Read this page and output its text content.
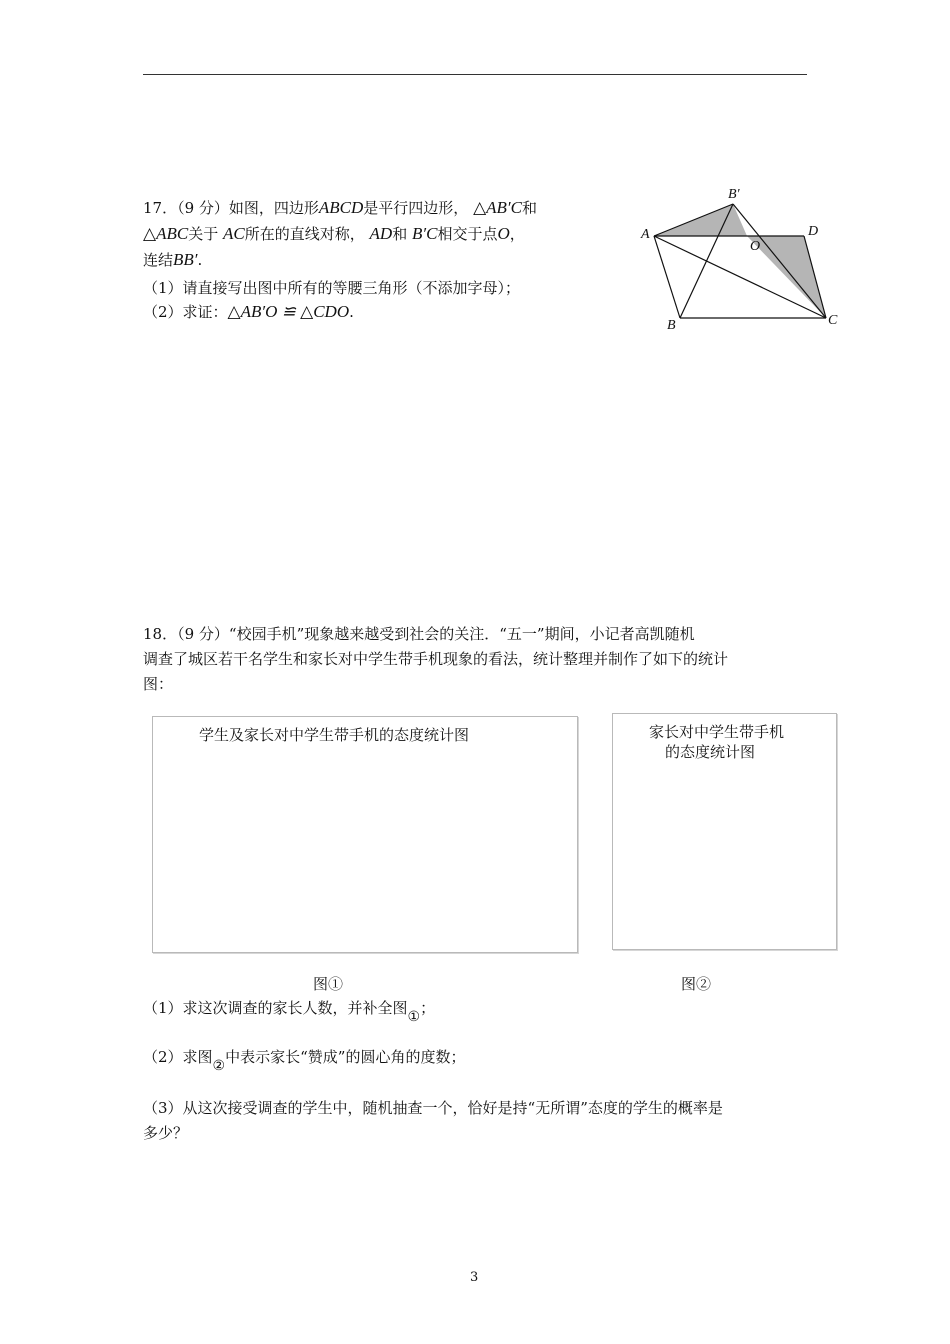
17．（9 分）如图，四边形ABCD是平行四边形， △AB′C和
△ABC关于 AC所在的直线对称， AD和 B′C相交于点O，
连结BB′.
（1）请直接写出图中所有的等腰三角形（不添加字母）；
（2）求证：△AB′O ≌ △CDO.
A
B	C
D
O
B′
18．（9 分）“校园手机”现象越来越受到社会的关注．“五一”期间，小记者高凯随机
调查了城区若干名学生和家长对中学生带手机现象的看法，统计整理并制作了如下的统计
图：
学生及家长对中学生带手机的态度统计图	家长对中学生带手机
的态度统计图
图①	图②
（1）求这次调查的家长人数，并补全图①；
（2）求图②中表示家长“赞成”的圆心角的度数；
（3）从这次接受调查的学生中，随机抽查一个，恰好是持“无所谓”态度的学生的概率是
多少？
3
